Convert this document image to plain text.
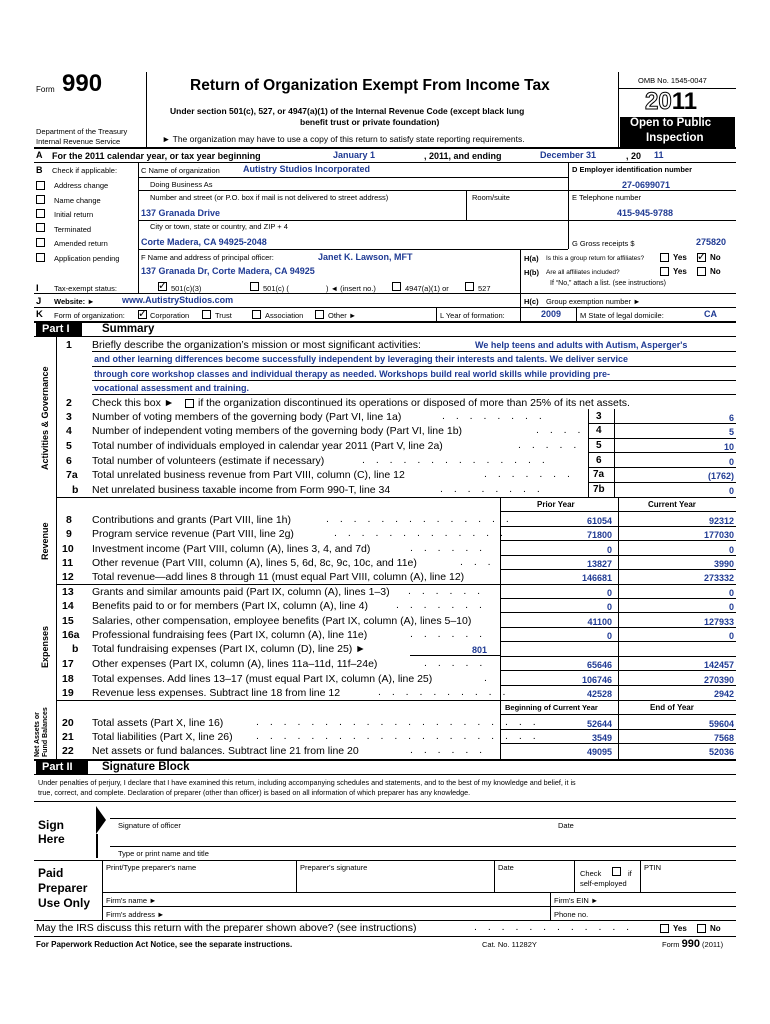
Form 990
Department of the Treasury
Internal Revenue Service
Return of Organization Exempt From Income Tax
Under section 501(c), 527, or 4947(a)(1) of the Internal Revenue Code (except black lung
benefit trust or private foundation)
► The organization may have to use a copy of this return to satisfy state reporting requirements.
OMB No. 1545-0047
2011
Open to Public
Inspection
A For the 2011 calendar year, or tax year beginning	January 1	, 2011, and ending	December 31	, 20 11
B Check if applicable:
Address change
Name change
Initial return
Terminated
Amended return
Application pending
C Name of organization	Autistry Studios Incorporated
Doing Business As
Number and street (or P.O. box if mail is not delivered to street address)	Room/suite
137 Granada Drive
City or town, state or country, and ZIP + 4
Corte Madera, CA 94925-2048
D Employer identification number
27-0699071
E Telephone number
415-945-9788
G Gross receipts $	275820
F Name and address of principal officer:	Janet K. Lawson, MFT
137 Granada Dr, Corte Madera, CA 94925
H(a) Is this a group return for affiliates?	Yes ✓ No
H(b) Are all affiliates included?	Yes	No
If “No,” attach a list. (see instructions)
I Tax-exempt status:	✓ 501(c)(3)	501(c) (	) ◄ (insert no.)	4947(a)(1) or	527
J Website: ►	www.AutistryStudios.com	H(c) Group exemption number ►
K Form of organization: ✓ Corporation	Trust	Association	Other ►	L Year of formation:	2009	M State of legal domicile:	CA
Part I	Summary
Activities & Governance
Revenue
Expenses
Net Assets or Fund Balances
1 Briefly describe the organization’s mission or most significant activities:	We help teens and adults with Autism, Asperger's
and other learning differences become successfully independent by leveraging their interests and talents. We deliver service
through core workshop classes and individual therapy as needed. Workshops build real world skills while providing pre-
vocational assessment and training.
2 Check this box ► if the organization discontinued its operations or disposed of more than 25% of its net assets.
3 Number of voting members of the governing body (Part VI, line 1a)	. . . . . . . .	3	6
4 Number of independent voting members of the governing body (Part VI, line 1b)	. . . . 4	5
5 Total number of individuals employed in calendar year 2011 (Part V, line 2a)	. . . . . 5	10
6 Total number of volunteers (estimate if necessary)	. . . . . . . . . . . . . .	6	0
7a Total unrelated business revenue from Part VIII, column (C), line 12	. . . . . . . 7a	(1762)
b Net unrelated business taxable income from Form 990-T, line 34	. . . . . . . .	7b	0
Prior Year	Current Year
8 Contributions and grants (Part VIII, line 1h)	. . . . . . . . . . . . . .	61054	92312
9 Program service revenue (Part VIII, line 2g)	. . . . . . . . . . . . .	71800	177030
10 Investment income (Part VIII, column (A), lines 3, 4, and 7d)	. . . . . .	0	0
11 Other revenue (Part VIII, column (A), lines 5, 6d, 8c, 9c, 10c, and 11e)	. . .	13827	3990
12 Total revenue—add lines 8 through 11 (must equal Part VIII, column (A), line 12)	146681	273332
13 Grants and similar amounts paid (Part IX, column (A), lines 1–3) . . . . . .	0	0
14 Benefits paid to or for members (Part IX, column (A), line 4)	. . . . . . .	0	0
15 Salaries, other compensation, employee benefits (Part IX, column (A), lines 5–10)	41100	127933
16a Professional fundraising fees (Part IX, column (A), line 11e)	. . . . . .	0	0
b Total fundraising expenses (Part IX, column (D), line 25) ►	801
17 Other expenses (Part IX, column (A), lines 11a–11d, 11f–24e)	. . . . .	65646	142457
18 Total expenses. Add lines 13–17 (must equal Part IX, column (A), line 25)	.	106746	270390
19 Revenue less expenses. Subtract line 18 from line 12	. . . . . . . . . .	42528	2942
Beginning of Current Year	End of Year
20 Total assets (Part X, line 16)	. . . . . . . . . . . . . . . . . . . . .	52644	59604
21 Total liabilities (Part X, line 26) . . . . . . . . . . . . . . . . . . . . .	3549	7568
22 Net assets or fund balances. Subtract line 21 from line 20	. . . . . .	49095	52036
Part II	Signature Block
Under penalties of perjury, I declare that I have examined this return, including accompanying schedules and statements, and to the best of my knowledge and belief, it is
true, correct, and complete. Declaration of preparer (other than officer) is based on all information of which preparer has any knowledge.
Sign
Here
Signature of officer	Date
Type or print name and title
Paid
Preparer
Use Only
Print/Type preparer's name	Preparer's signature	Date
Check	if
self-employed
PTIN
Firm's name ►	Firm's EIN ►
Firm's address ►	Phone no.
May the IRS discuss this return with the preparer shown above? (see instructions)	. . . . . . . . . . . .	Yes	No
For Paperwork Reduction Act Notice, see the separate instructions.	Cat. No. 11282Y	Form 990 (2011)
